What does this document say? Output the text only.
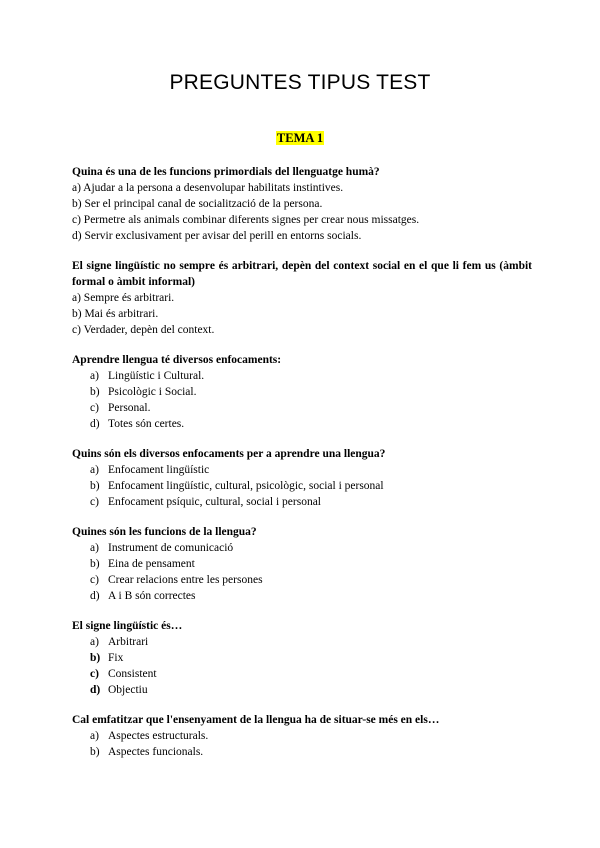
PREGUNTES TIPUS TEST
TEMA 1

Quina és una de les funcions primordials del llenguatge humà?

a) Ajudar a la persona a desenvolupar habilitats instintives.

b) Ser el principal canal de socialització de la persona.

c) Permetre als animals combinar diferents signes per crear nous missatges.

d) Servir exclusivament per avisar del perill en entorns socials.

El signe lingüístic no sempre és arbitrari, depèn del context social en el que li fem us (àmbit formal o àmbit informal)

a) Sempre és arbitrari.

b) Mai és arbitrari.

c) Verdader, depèn del context.

Aprendre llengua té diversos enfocaments:

a) Lingüístic i Cultural.
b) Psicològic i Social.
c) Personal.
d) Totes són certes.

Quins són els diversos enfocaments per a aprendre una llengua?

a) Enfocament lingüístic
b) Enfocament lingüístic, cultural, psicològic, social i personal
c) Enfocament psíquic, cultural, social i personal

Quines són les funcions de la llengua?

a) Instrument de comunicació
b) Eina de pensament
c) Crear relacions entre les persones
d) A i B són correctes

El signe lingüístic és…

a) Arbitrari
b) Fix
c) Consistent
d) Objectiu

Cal emfatitzar que l'ensenyament de la llengua ha de situar-se més en els…

a) Aspectes estructurals.
b) Aspectes funcionals.
